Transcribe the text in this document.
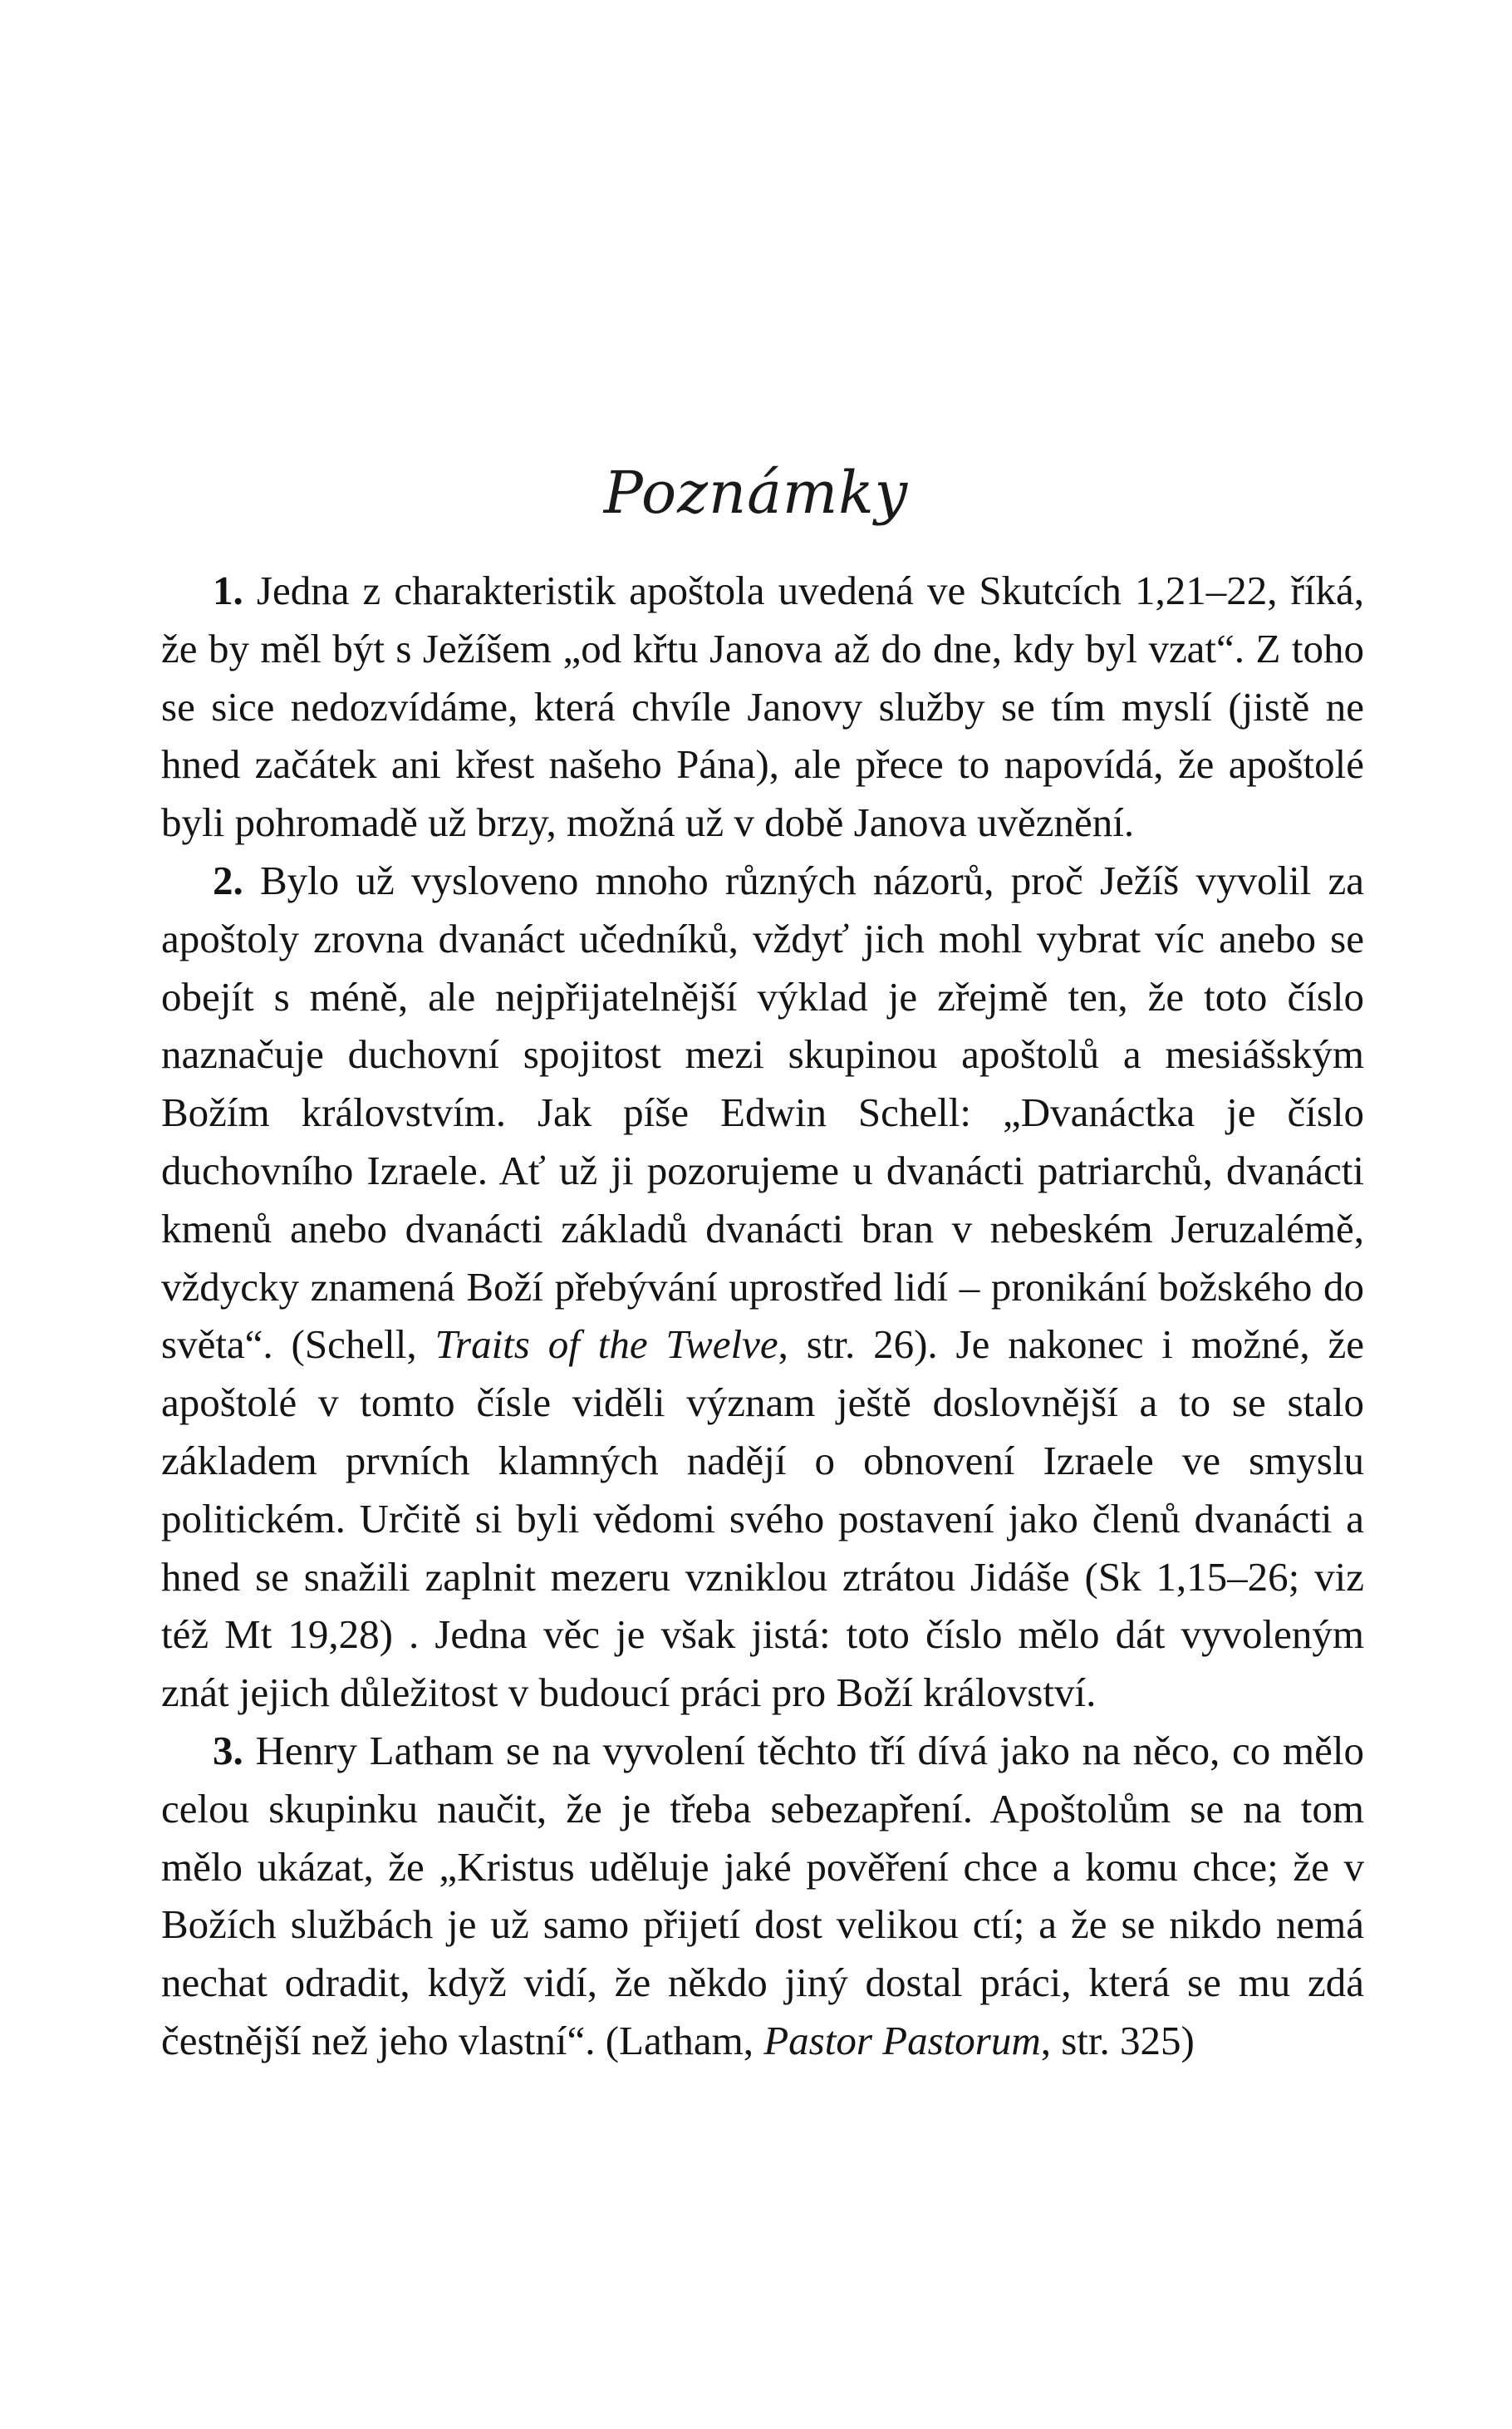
Poznámky

1. Jedna z charakteristik apoštola uvedená ve Skutcích 1,21–22, říká, že by měl být s Ježíšem „od křtu Janova až do dne, kdy byl vzat“. Z toho se sice nedozvídáme, která chvíle Janovy služby se tím myslí (jistě ne hned začátek ani křest našeho Pána), ale přece to napovídá, že apoštolé byli pohromadě už brzy, možná už v době Janova uvěznění.

2. Bylo už vysloveno mnoho různých názorů, proč Ježíš vyvolil za apoštoly zrovna dvanáct učedníků, vždyť jich mohl vybrat víc anebo se obejít s méně, ale nejpřijatelnější výklad je zřejmě ten, že toto číslo naznačuje duchovní spojitost mezi skupinou apoštolů a mesiášským Božím královstvím. Jak píše Edwin Schell: „Dvanáctka je číslo duchovního Izraele. Ať už ji pozorujeme u dvanácti patriarchů, dvanácti kmenů anebo dvanácti základů dvanácti bran v nebeském Jeruzalémě, vždycky znamená Boží přebývání uprostřed lidí – pronikání božského do světa“. (Schell, Traits of the Twelve, str. 26). Je nakonec i možné, že apoštolé v tomto čísle viděli význam ještě doslovnější a to se stalo základem prvních klamných nadějí o obnovení Izraele ve smyslu politickém. Určitě si byli vědomi svého postavení jako členů dvanácti a hned se snažili zaplnit mezeru vzniklou ztrátou Jidáše (Sk 1,15–26; viz též Mt 19,28) . Jedna věc je však jistá: toto číslo mělo dát vyvoleným znát jejich důležitost v budoucí práci pro Boží království.

3. Henry Latham se na vyvolení těchto tří dívá jako na něco, co mělo celou skupinku naučit, že je třeba sebezapření. Apoštolům se na tom mělo ukázat, že „Kristus uděluje jaké pověření chce a komu chce; že v Božích službách je už samo přijetí dost velikou ctí; a že se nikdo nemá nechat odradit, když vidí, že někdo jiný dostal práci, která se mu zdá čestnější než jeho vlastní“. (Latham, Pastor Pastorum, str. 325)
